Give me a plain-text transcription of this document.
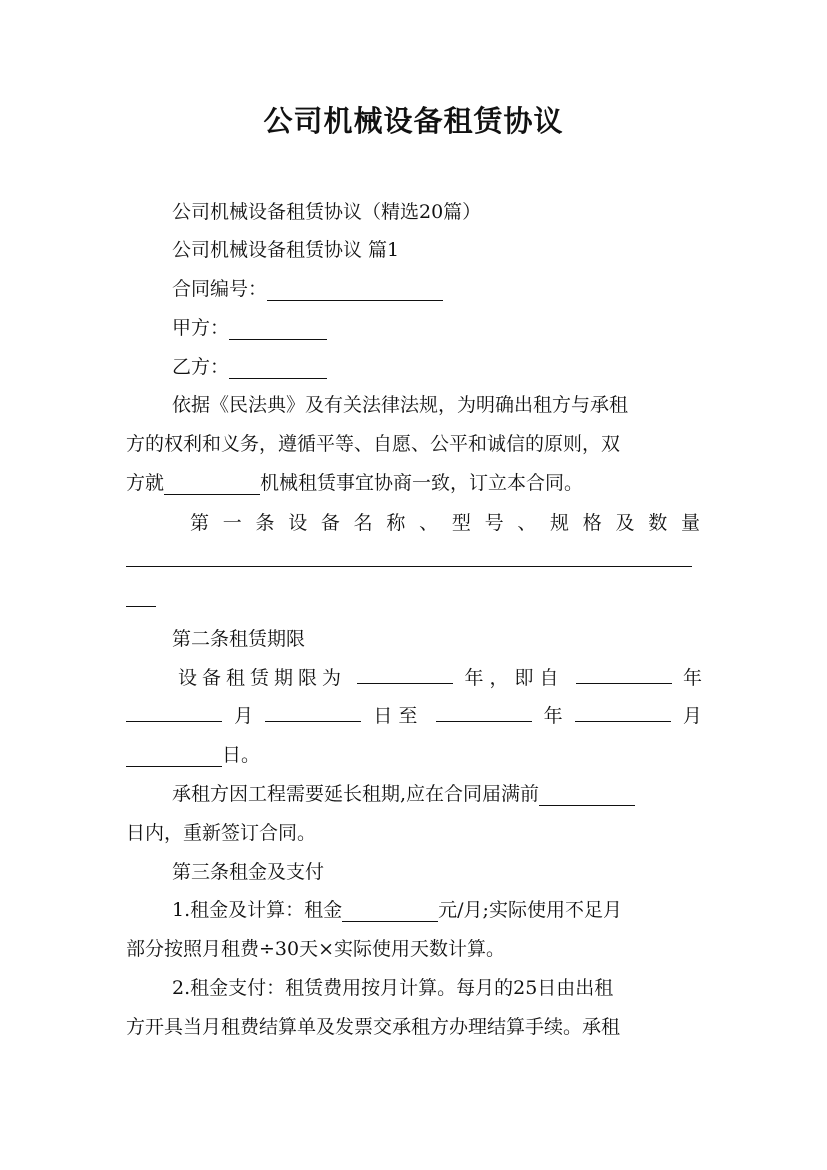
公司机械设备租赁协议
公司机械设备租赁协议（精选20篇）
公司机械设备租赁协议 篇1
合同编号：
甲方：
乙方：
依据《民法典》及有关法律法规，为明确出租方与承租
方的权利和义务，遵循平等、自愿、公平和诚信的原则，双
方就	机械租赁事宜协商一致，订立本合同。
第一条设备名称、型号、规格及数量
第二条租赁期限
设备租赁期限为	年，即自	年
月	日至	年	月
日。
承租方因工程需要延长租期,应在合同届满前
日内，重新签订合同。
第三条租金及支付
1.租金及计算：租金	元/月;实际使用不足月
部分按照月租费÷30天×实际使用天数计算。
2.租金支付：租赁费用按月计算。每月的25日由出租
方开具当月租费结算单及发票交承租方办理结算手续。承租
